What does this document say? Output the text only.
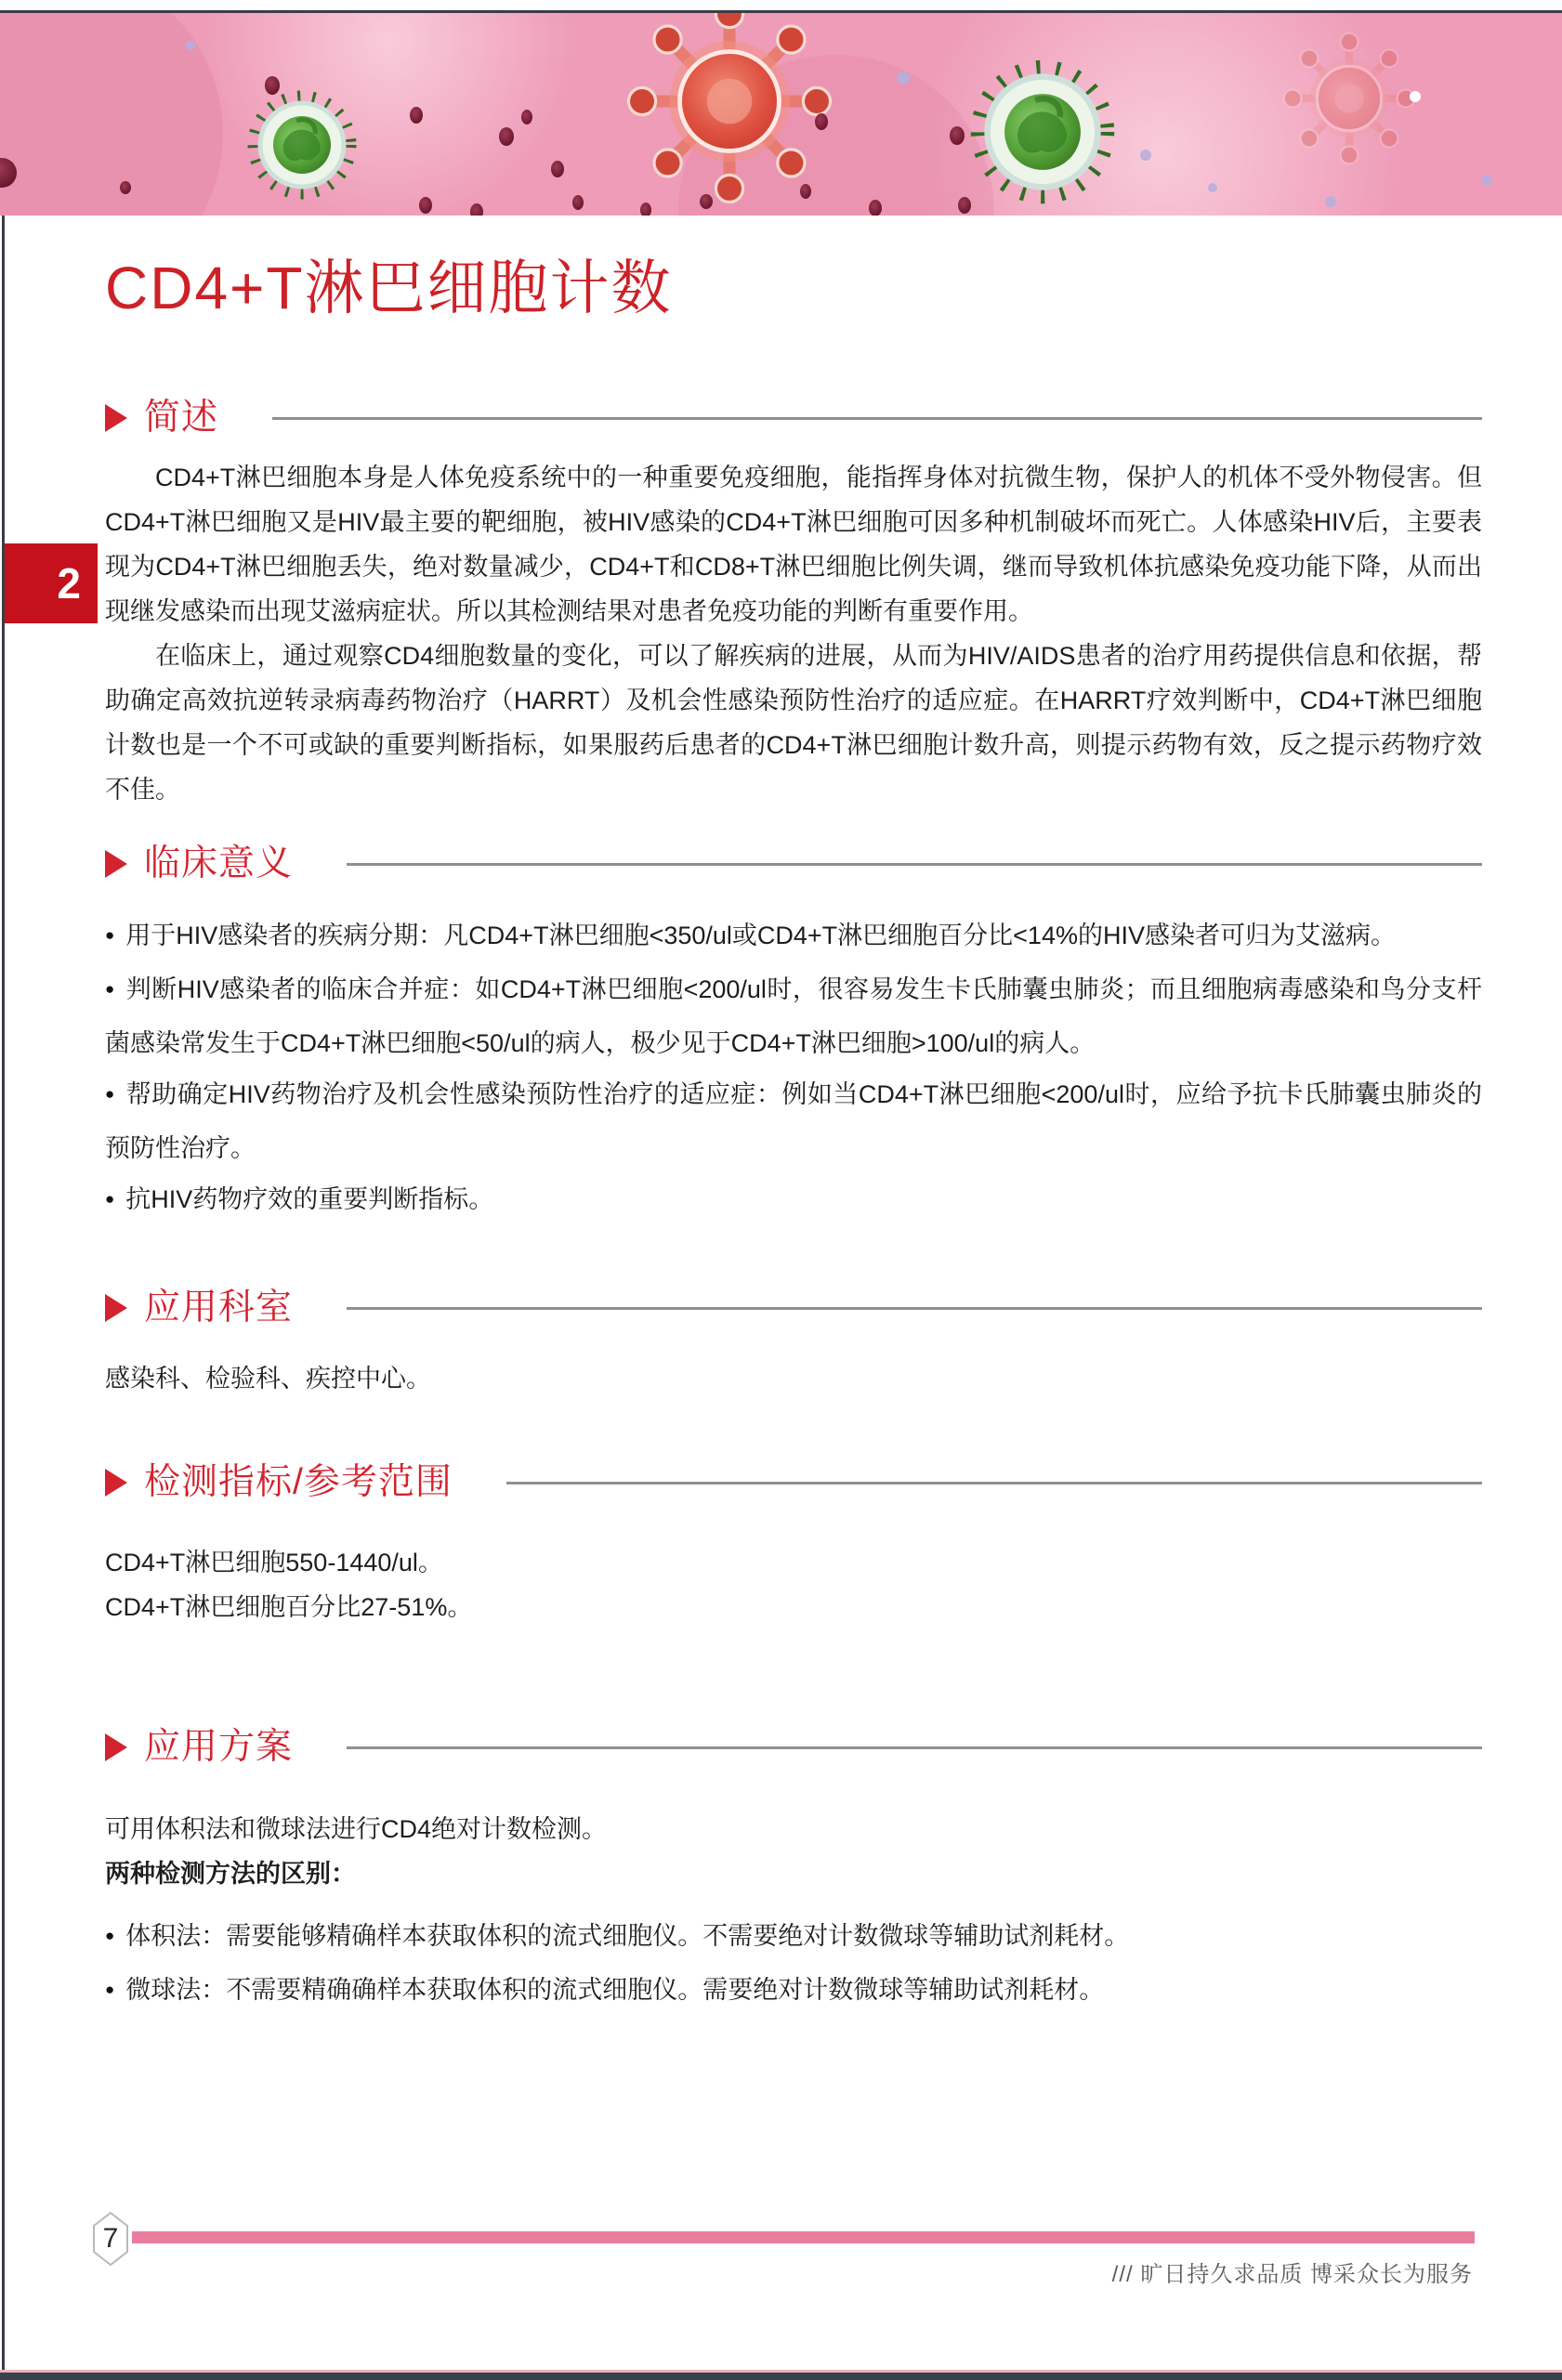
2
CD4+T淋巴细胞计数
简述

CD4+T淋巴细胞本身是人体免疫系统中的一种重要免疫细胞，能指挥身体对抗微生物，保护人的机体不受外物侵害。但CD4+T淋巴细胞又是HIV最主要的靶细胞，被HIV感染的CD4+T淋巴细胞可因多种机制破坏而死亡。人体感染HIV后，主要表现为CD4+T淋巴细胞丢失，绝对数量减少，CD4+T和CD8+T淋巴细胞比例失调，继而导致机体抗感染免疫功能下降，从而出现继发感染而出现艾滋病症状。所以其检测结果对患者免疫功能的判断有重要作用。

在临床上，通过观察CD4细胞数量的变化，可以了解疾病的进展，从而为HIV/AIDS患者的治疗用药提供信息和依据，帮助确定高效抗逆转录病毒药物治疗（HARRT）及机会性感染预防性治疗的适应症。在HARRT疗效判断中，CD4+T淋巴细胞计数也是一个不可或缺的重要判断指标，如果服药后患者的CD4+T淋巴细胞计数升高，则提示药物有效，反之提示药物疗效不佳。

临床意义
● 用于HIV感染者的疾病分期：凡CD4+T淋巴细胞<350/ul或CD4+T淋巴细胞百分比<14%的HIV感染者可归为艾滋病。
● 判断HIV感染者的临床合并症：如CD4+T淋巴细胞<200/ul时，很容易发生卡氏肺囊虫肺炎；而且细胞病毒感染和鸟分支杆菌感染常发生于CD4+T淋巴细胞<50/ul的病人，极少见于CD4+T淋巴细胞>100/ul的病人。
● 帮助确定HIV药物治疗及机会性感染预防性治疗的适应症：例如当CD4+T淋巴细胞<200/ul时，应给予抗卡氏肺囊虫肺炎的预防性治疗。
● 抗HIV药物疗效的重要判断指标。
应用科室

感染科、检验科、疾控中心。

检测指标/参考范围

CD4+T淋巴细胞550-1440/ul。

CD4+T淋巴细胞百分比27-51%。

应用方案

可用体积法和微球法进行CD4绝对计数检测。

两种检测方法的区别：

● 体积法：需要能够精确样本获取体积的流式细胞仪。不需要绝对计数微球等辅助试剂耗材。
● 微球法：不需要精确确样本获取体积的流式细胞仪。需要绝对计数微球等辅助试剂耗材。
7
/// 旷日持久求品质 博采众长为服务
